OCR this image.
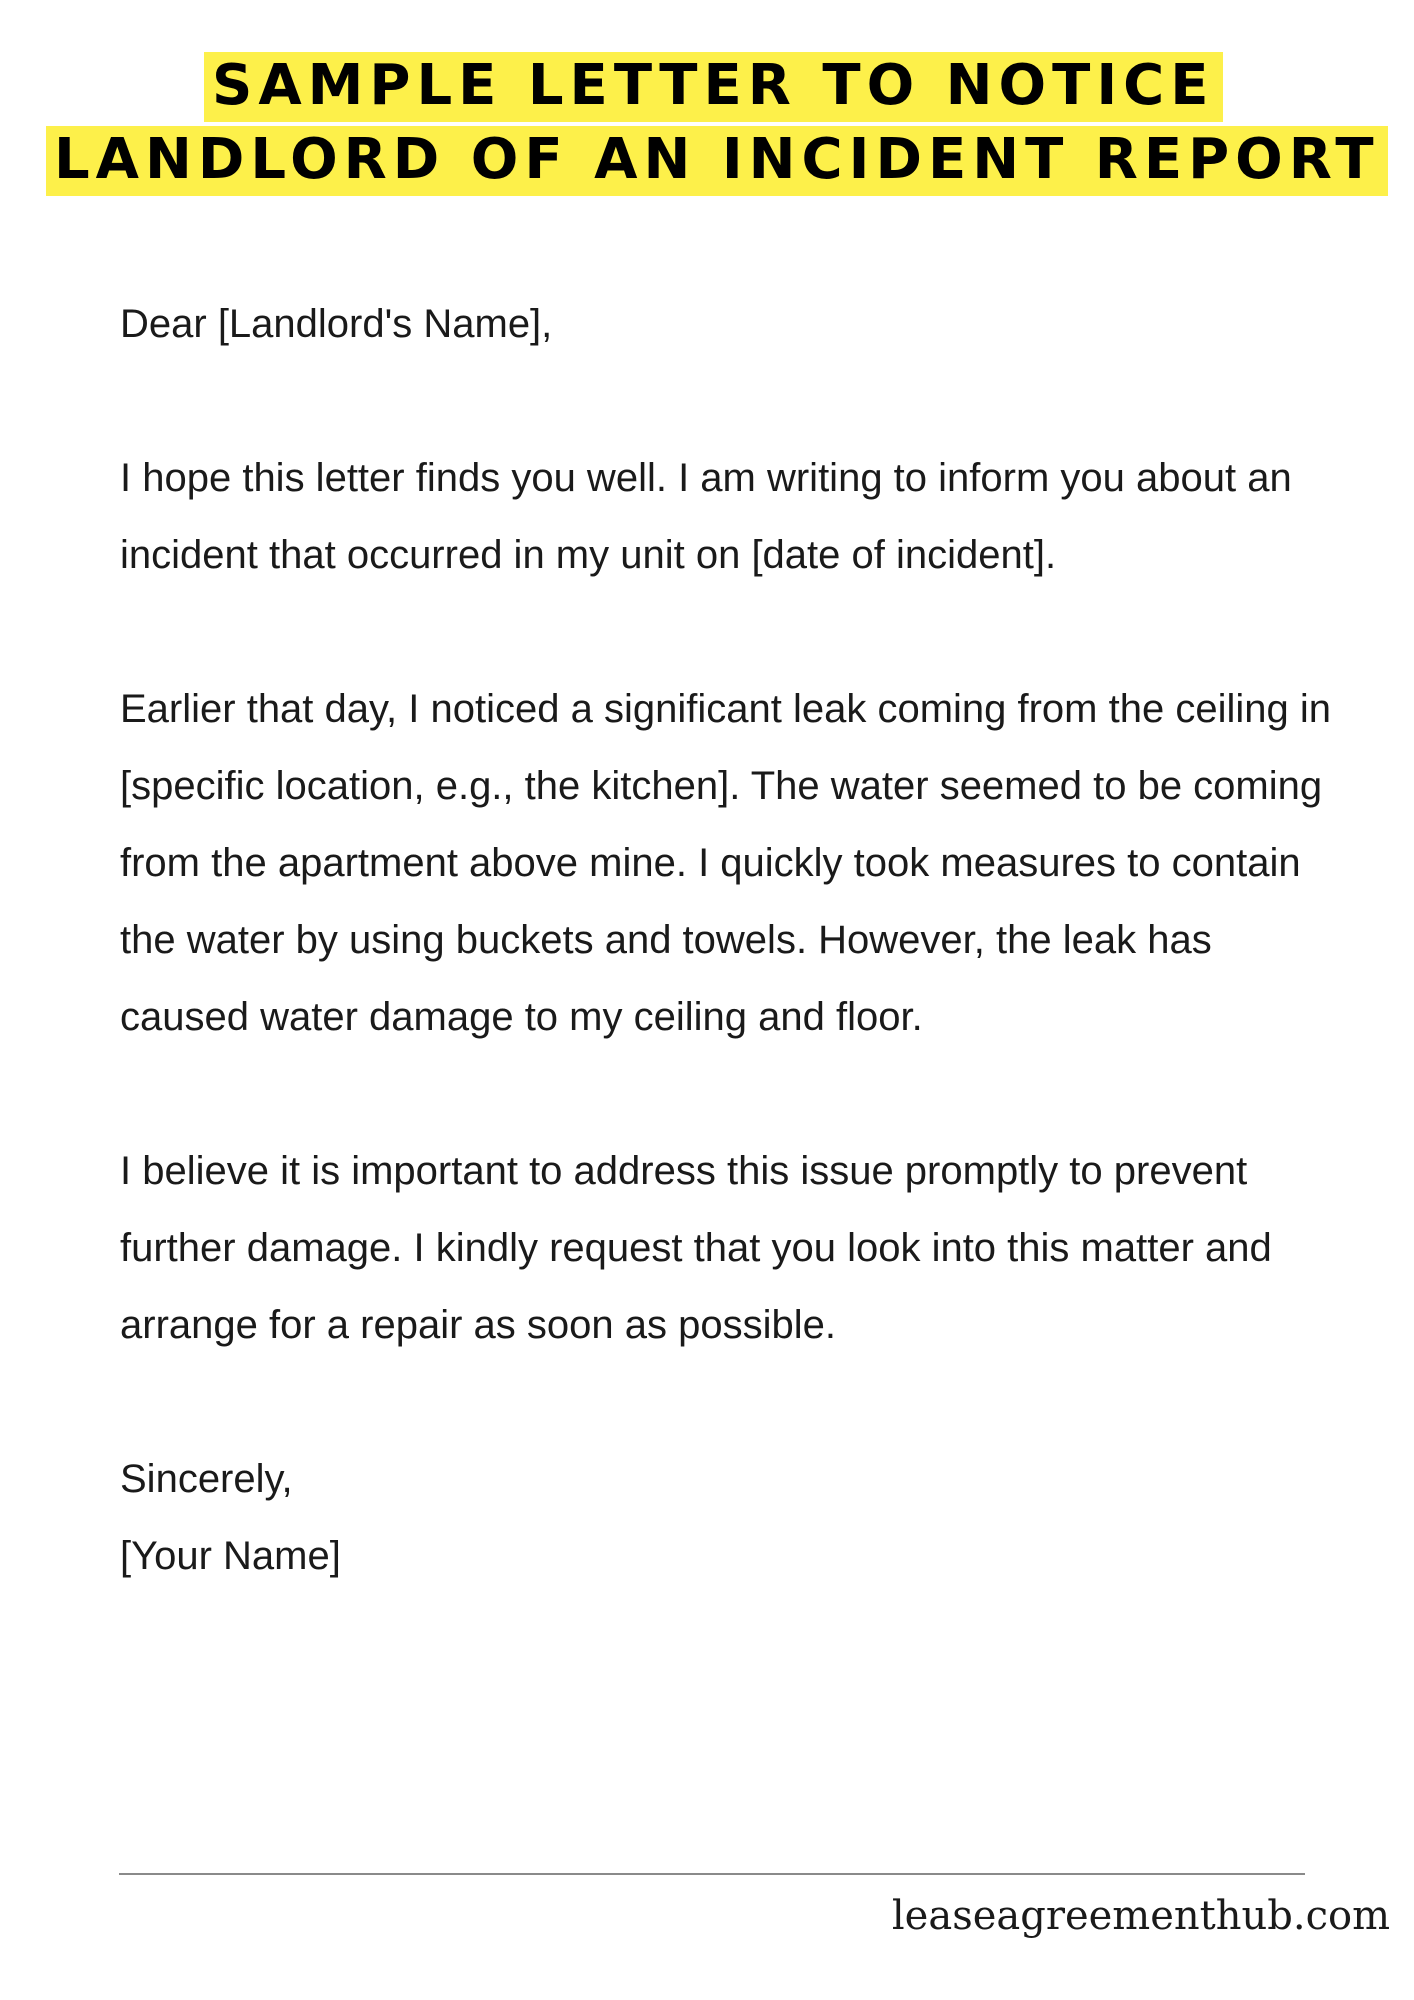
SAMPLE LETTER TO NOTICE
LANDLORD OF AN INCIDENT REPORT

Dear [Landlord's Name],

I hope this letter finds you well. I am writing to inform you about an incident that occurred in my unit on [date of incident].

Earlier that day, I noticed a significant leak coming from the ceiling in [specific location, e.g., the kitchen]. The water seemed to be coming from the apartment above mine. I quickly took measures to contain the water by using buckets and towels. However, the leak has caused water damage to my ceiling and floor.

I believe it is important to address this issue promptly to prevent further damage. I kindly request that you look into this matter and arrange for a repair as soon as possible.

Sincerely,

[Your Name]

leaseagreementhub.com
